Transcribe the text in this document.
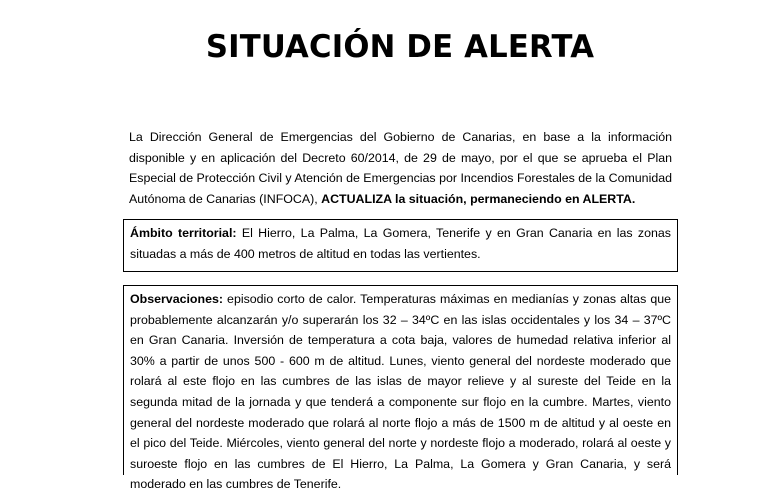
SITUACIÓN DE ALERTA

La Dirección General de Emergencias del Gobierno de Canarias, en base a la información disponible y en aplicación del Decreto 60/2014, de 29 de mayo, por el que se aprueba el Plan Especial de Protección Civil y Atención de Emergencias por Incendios Forestales de la Comunidad Autónoma de Canarias (INFOCA), ACTUALIZA la situación, permaneciendo en ALERTA.

Ámbito territorial: El Hierro, La Palma, La Gomera, Tenerife y en Gran Canaria en las zonas situadas a más de 400 metros de altitud en todas las vertientes.
Observaciones: episodio corto de calor. Temperaturas máximas en medianías y zonas altas que probablemente alcanzarán y/o superarán los 32 – 34ºC en las islas occidentales y los 34 – 37ºC en Gran Canaria. Inversión de temperatura a cota baja, valores de humedad relativa inferior al 30% a partir de unos 500 - 600 m de altitud. Lunes, viento general del nordeste moderado que rolará al este flojo en las cumbres de las islas de mayor relieve y al sureste del Teide en la segunda mitad de la jornada y que tenderá a componente sur flojo en la cumbre. Martes, viento general del nordeste moderado que rolará al norte flojo a más de 1500 m de altitud y al oeste en el pico del Teide. Miércoles, viento general del norte y nordeste flojo a moderado, rolará al oeste y suroeste flojo en las cumbres de El Hierro, La Palma, La Gomera y Gran Canaria, y será moderado en las cumbres de Tenerife.
